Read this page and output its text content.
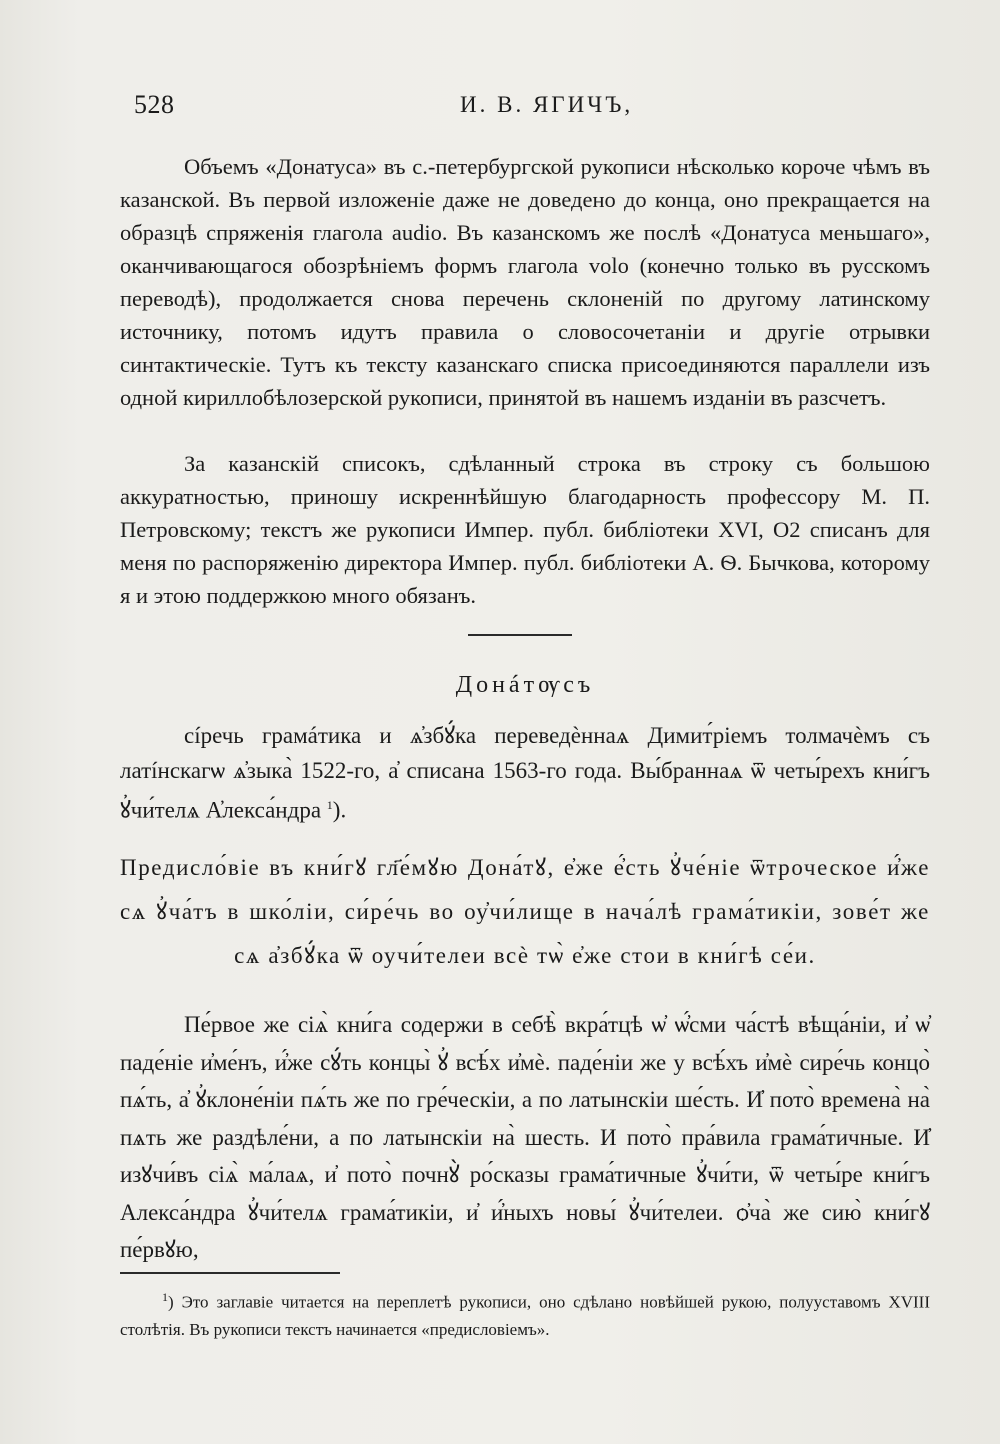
528	И. В. ЯГИЧЪ,

Объемъ «Донатуса» въ с.-петербургской рукописи нѣсколько короче чѣмъ въ казанской. Въ первой изложеніе даже не доведено до конца, оно прекращается на образцѣ спряженія глагола audio. Въ казанскомъ же послѣ «Донатуса меньшаго», оканчивающагося обозрѣніемъ формъ глагола volo (конечно только въ русскомъ переводѣ), продолжается снова перечень склоненій по другому латинскому источнику, потомъ идутъ правила о словосочетаніи и другіе отрывки синтактическіе. Тутъ къ тексту казанскаго списка присоединяются параллели изъ одной кириллобѣлозерской рукописи, принятой въ нашемъ изданіи въ разсчетъ.

За казанскій списокъ, сдѣланный строка въ строку съ большою аккуратностью, приношу искреннѣйшую благодарность профессору М. П. Петровскому; текстъ же рукописи Импер. публ. библіотеки XVI, O2 списанъ для меня по распоряженію директора Импер. публ. библіотеки А. Ѳ. Бычкова, которому я и этою поддержкою много обязанъ.

Донáтѹсъ

сíречь грамáтика и ѧ҆збꙋ́ка переведѐннаѧ Димит́ріемъ толмачѐмъ съ латíнскагѡ ѧ҆зыка̀ 1522-го, а҆ списана 1563-го года. Вы́браннаѧ ѿ четы́рехъ кни́гъ ꙋ҆чи́телѧ А҆лекса́ндра $^1$).

Предисло́віе въ кни́гꙋ гл҃е́мꙋю Дона́тꙋ, е҆же е҆́сть ꙋ҆че́ніе ѿтроческое и҆́же сѧ ꙋ҆ча́тъ в шко́ліи, си́ре́чь во оу҆чи́лище в нача́лѣ грама́тикіи, зове́т же сѧ а҆збꙋ́ка ѿ оучи́телеи всѐ тѡ̀ е҆же стои в кни́гѣ се́и.

Пе́рвое же сіѧ̀ кни́га содержи в себѣ̀ вкра́тцѣ ѡ҆ ѡ҆́сми ча́стѣ вѣща́ніи, и҆ ѡ҆ паде́ніе и҆ме́нъ, и҆́же сꙋ́ть концы̀ ꙋ҆ всѣ́х и҆мѐ. паде́ніи же у всѣ́хъ и҆мѐ сире́чь концо̀ пѧ́ть, а҆ ꙋ҆клоне́ніи пѧ́ть же по гре́ческіи, а по латынскіи ше́сть. И҆ пото̀ времена̀ на̀ пѧть же раздѣле́ни, а по латынскіи на̀ шесть. И пото̀ пра́вила грама́тичные. И҆ изꙋчи́въ сіѧ̀ ма́лаѧ, и҆ пото̀ почнꙋ̀ ро́сказы грама́тичные ꙋ҆чи́ти, ѿ четы́ре кни́гъ Алекса́ндра ꙋ҆чи́телѧ грама́тикіи, и҆ и҆́ныхъ новы́ ꙋ҆чи́телеи. ѻ҆ча̀ же сию̀ кни́гꙋ пе́рвꙋю,

$^1$) Это заглавіе читается на переплетѣ рукописи, оно сдѣлано новѣйшей рукою, полууставомъ XVIII столѣтія. Въ рукописи текстъ начинается «предисловіемъ».
